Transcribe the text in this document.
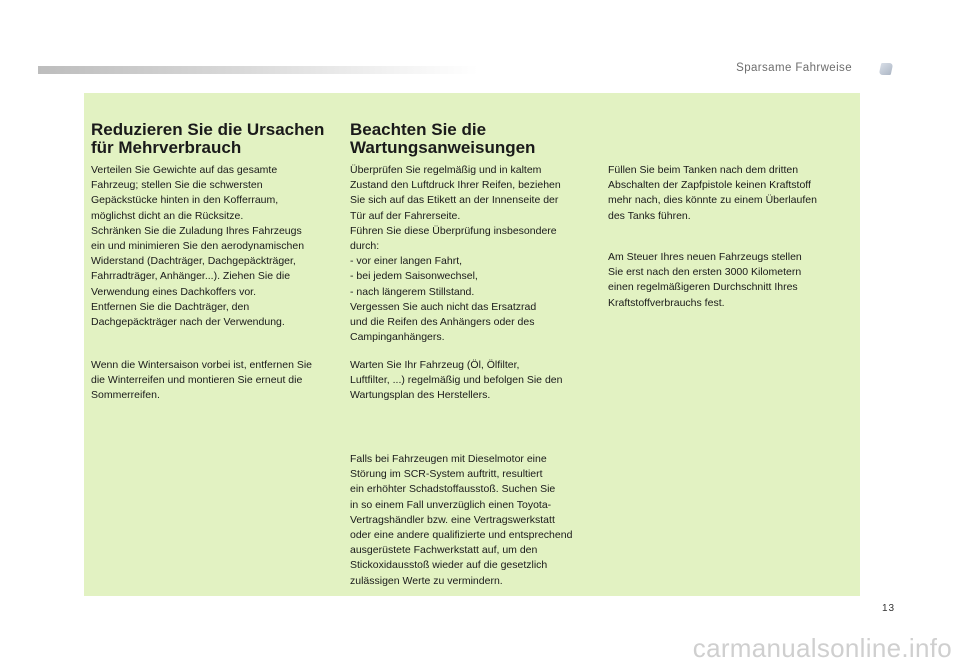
Sparsame Fahrweise
Reduzieren Sie die Ursachen
für Mehrverbrauch

Verteilen Sie Gewichte auf das gesamte
Fahrzeug; stellen Sie die schwersten
Gepäckstücke hinten in den Kofferraum,
möglichst dicht an die Rücksitze.
Schränken Sie die Zuladung Ihres Fahrzeugs
ein und minimieren Sie den aerodynamischen
Widerstand (Dachträger, Dachgepäckträger,
Fahrradträger, Anhänger...). Ziehen Sie die
Verwendung eines Dachkoffers vor.
Entfernen Sie die Dachträger, den
Dachgepäckträger nach der Verwendung.

Wenn die Wintersaison vorbei ist, entfernen Sie
die Winterreifen und montieren Sie erneut die
Sommerreifen.

Beachten Sie die
Wartungsanweisungen

Überprüfen Sie regelmäßig und in kaltem
Zustand den Luftdruck Ihrer Reifen, beziehen
Sie sich auf das Etikett an der Innenseite der
Tür auf der Fahrerseite.
Führen Sie diese Überprüfung insbesondere
durch:
- vor einer langen Fahrt,
- bei jedem Saisonwechsel,
- nach längerem Stillstand.
Vergessen Sie auch nicht das Ersatzrad
und die Reifen des Anhängers oder des
Campinganhängers.

Warten Sie Ihr Fahrzeug (Öl, Ölfilter,
Luftfilter, ...) regelmäßig und befolgen Sie den
Wartungsplan des Herstellers.

Falls bei Fahrzeugen mit Dieselmotor eine
Störung im SCR-System auftritt, resultiert
ein erhöhter Schadstoffausstoß. Suchen Sie
in so einem Fall unverzüglich einen Toyota-
Vertragshändler bzw. eine Vertragswerkstatt
oder eine andere qualifizierte und entsprechend
ausgerüstete Fachwerkstatt auf, um den
Stickoxidausstoß wieder auf die gesetzlich
zulässigen Werte zu vermindern.

Füllen Sie beim Tanken nach dem dritten
Abschalten der Zapfpistole keinen Kraftstoff
mehr nach, dies könnte zu einem Überlaufen
des Tanks führen.

Am Steuer Ihres neuen Fahrzeugs stellen
Sie erst nach den ersten 3000 Kilometern
einen regelmäßigeren Durchschnitt Ihres
Kraftstoffverbrauchs fest.

13
carmanualsonline.info
